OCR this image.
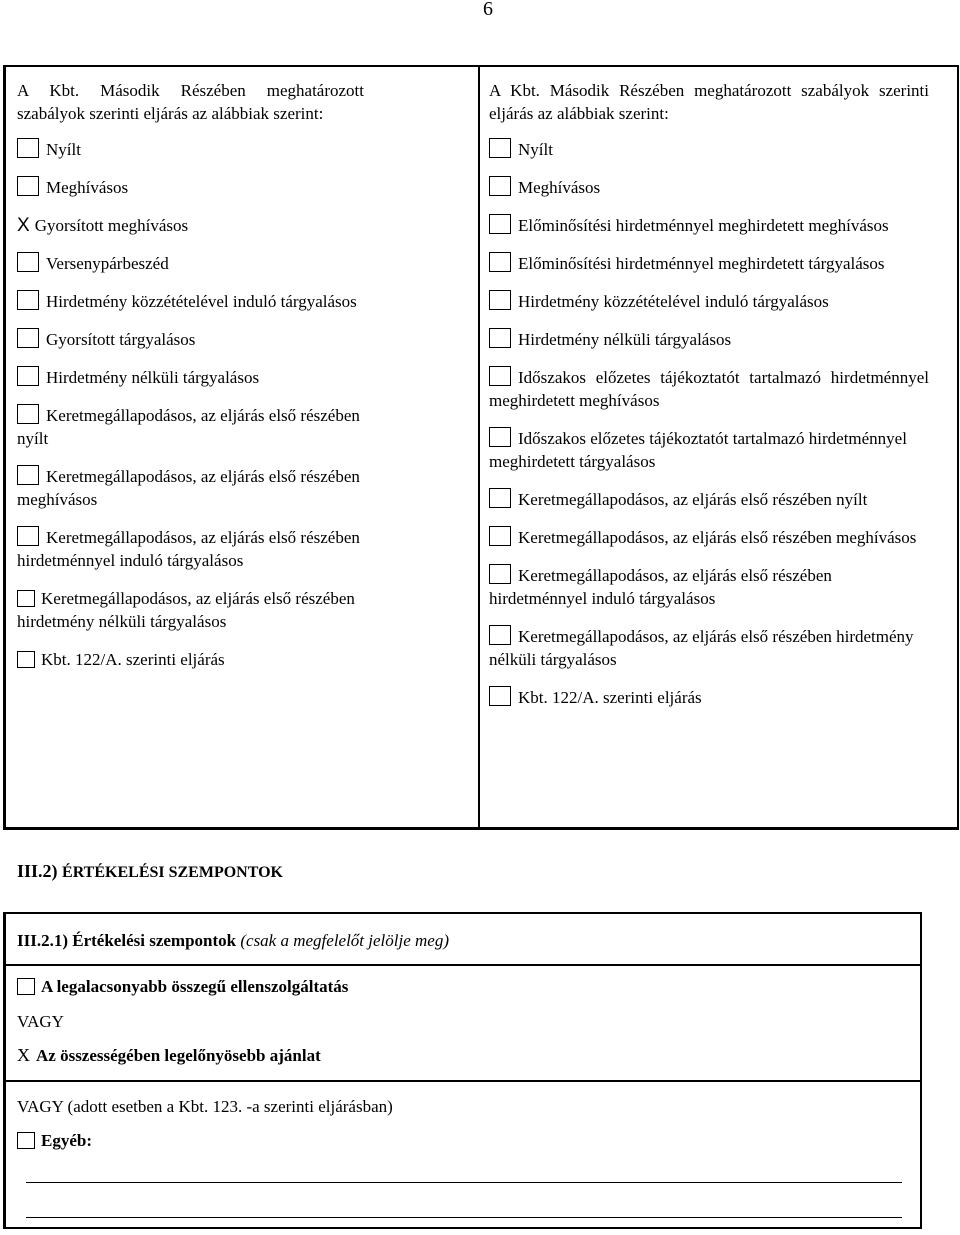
6

A Kbt. Második Részében meghatározott szabályok szerinti eljárás az alábbiak szerint:

Nyílt
Meghívásos
X Gyorsított meghívásos
Versenypárbeszéd
Hirdetmény közzétételével induló tárgyalásos
Gyorsított tárgyalásos
Hirdetmény nélküli tárgyalásos
Keretmegállapodásos, az eljárás első részében nyílt
Keretmegállapodásos, az eljárás első részében meghívásos
Keretmegállapodásos, az eljárás első részében hirdetménnyel induló tárgyalásos
Keretmegállapodásos, az eljárás első részében hirdetmény nélküli tárgyalásos
Kbt. 122/A. szerinti eljárás

A Kbt. Második Részében meghatározott szabályok szerinti eljárás az alábbiak szerint:

Nyílt
Meghívásos
Előminősítési hirdetménnyel meghirdetett meghívásos
Előminősítési hirdetménnyel meghirdetett tárgyalásos
Hirdetmény közzétételével induló tárgyalásos
Hirdetmény nélküli tárgyalásos
Időszakos előzetes tájékoztatót tartalmazó hirdetménnyel meghirdetett meghívásos
Időszakos előzetes tájékoztatót tartalmazó hirdetménnyel meghirdetett tárgyalásos
Keretmegállapodásos, az eljárás első részében nyílt
Keretmegállapodásos, az eljárás első részében meghívásos
Keretmegállapodásos, az eljárás első részében hirdetménnyel induló tárgyalásos
Keretmegállapodásos, az eljárás első részében hirdetmény nélküli tárgyalásos
Kbt. 122/A. szerinti eljárás
III.2) ÉRTÉKELÉSI SZEMPONTOK
III.2.1) Értékelési szempontok (csak a megfelelőt jelölje meg)
A legalacsonyabb összegű ellenszolgáltatás
VAGY
X Az összességében legelőnyösebb ajánlat
VAGY (adott esetben a Kbt. 123. -a szerinti eljárásban)
Egyéb:
